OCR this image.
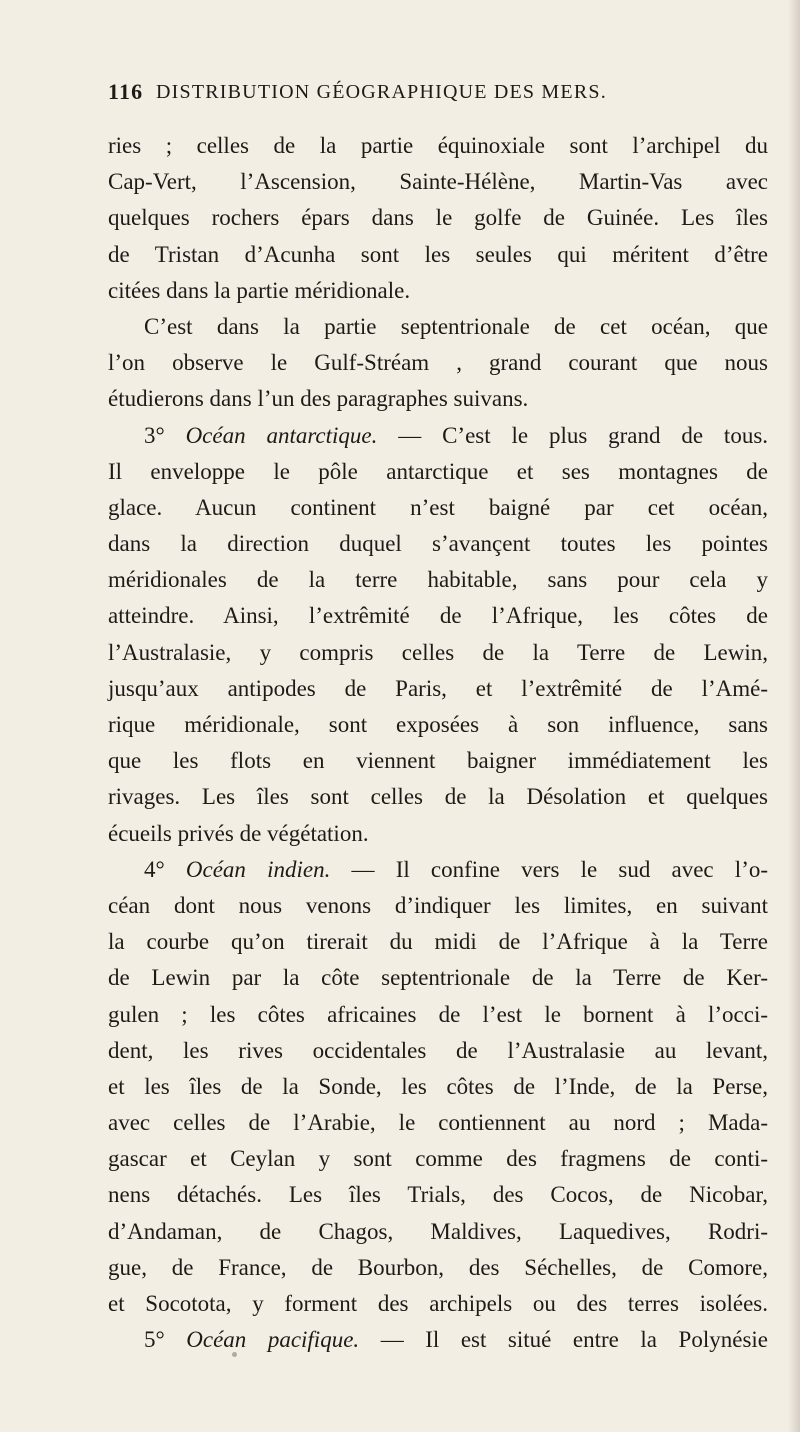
116 DISTRIBUTION GÉOGRAPHIQUE DES MERS.
ries ; celles de la partie équinoxiale sont l’archipel du
Cap-Vert, l’Ascension, Sainte-Hélène, Martin-Vas avec
quelques rochers épars dans le golfe de Guinée. Les îles
de Tristan d’Acunha sont les seules qui méritent d’être
citées dans la partie méridionale.
C’est dans la partie septentrionale de cet océan, que
l’on observe le Gulf-Stréam , grand courant que nous
étudierons dans l’un des paragraphes suivans.
3° Océan antarctique. — C’est le plus grand de tous.
Il enveloppe le pôle antarctique et ses montagnes de
glace. Aucun continent n’est baigné par cet océan,
dans la direction duquel s’avançent toutes les pointes
méridionales de la terre habitable, sans pour cela y
atteindre. Ainsi, l’extrêmité de l’Afrique, les côtes de
l’Australasie, y compris celles de la Terre de Lewin,
jusqu’aux antipodes de Paris, et l’extrêmité de l’Amé-
rique méridionale, sont exposées à son influence, sans
que les flots en viennent baigner immédiatement les
rivages. Les îles sont celles de la Désolation et quelques
écueils privés de végétation.
4° Océan indien. — Il confine vers le sud avec l’o-
céan dont nous venons d’indiquer les limites, en suivant
la courbe qu’on tirerait du midi de l’Afrique à la Terre
de Lewin par la côte septentrionale de la Terre de Ker-
gulen ; les côtes africaines de l’est le bornent à l’occi-
dent, les rives occidentales de l’Australasie au levant,
et les îles de la Sonde, les côtes de l’Inde, de la Perse,
avec celles de l’Arabie, le contiennent au nord ; Mada-
gascar et Ceylan y sont comme des fragmens de conti-
nens détachés. Les îles Trials, des Cocos, de Nicobar,
d’Andaman, de Chagos, Maldives, Laquedives, Rodri-
gue, de France, de Bourbon, des Séchelles, de Comore,
et Socotota, y forment des archipels ou des terres isolées.
5° Océan pacifique. — Il est situé entre la Polynésie
